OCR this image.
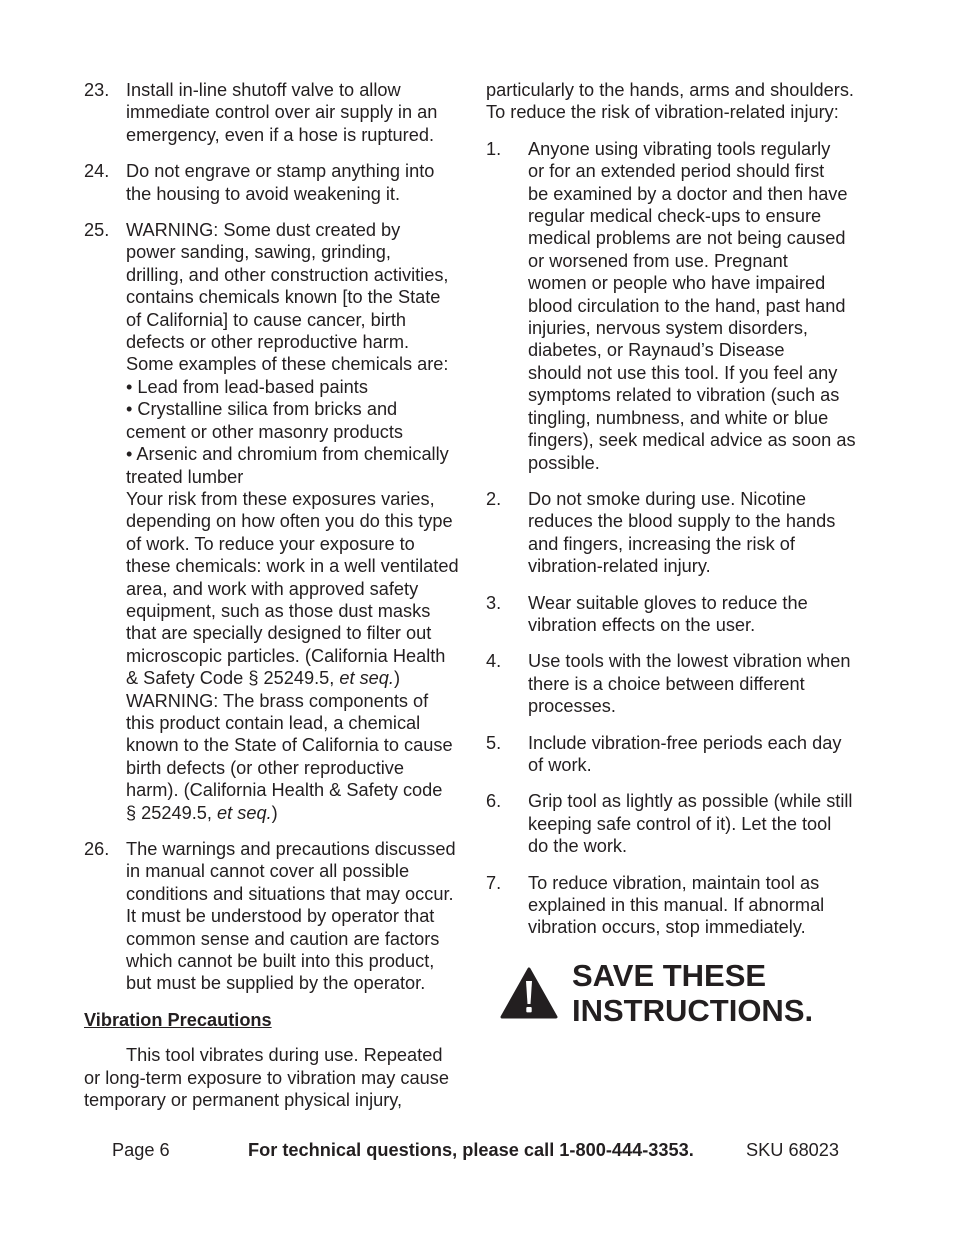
23. Install in-line shutoff valve to allow
immediate control over air supply in an
emergency, even if a hose is ruptured.
24. Do not engrave or stamp anything into
the housing to avoid weakening it.
25. WARNING: Some dust created by
power sanding, sawing, grinding,
drilling, and other construction activities,
contains chemicals known [to the State
of California] to cause cancer, birth
defects or other reproductive harm.
Some examples of these chemicals are:
• Lead from lead-based paints
• Crystalline silica from bricks and
cement or other masonry products
• Arsenic and chromium from chemically
treated lumber
Your risk from these exposures varies,
depending on how often you do this type
of work. To reduce your exposure to
these chemicals: work in a well ventilated
area, and work with approved safety
equipment, such as those dust masks
that are specially designed to filter out
microscopic particles. (California Health
& Safety Code § 25249.5, et seq.)
WARNING: The brass components of
this product contain lead, a chemical
known to the State of California to cause
birth defects (or other reproductive
harm). (California Health & Safety code
§ 25249.5, et seq.)
26. The warnings and precautions discussed
in manual cannot cover all possible
conditions and situations that may occur.
It must be understood by operator that
common sense and caution are factors
which cannot be built into this product,
but must be supplied by the operator.
Vibration Precautions
This tool vibrates during use. Repeated
or long-term exposure to vibration may cause
temporary or permanent physical injury,
particularly to the hands, arms and shoulders.
To reduce the risk of vibration-related injury:
1.	Anyone using vibrating tools regularly
or for an extended period should first
be examined by a doctor and then have
regular medical check-ups to ensure
medical problems are not being caused
or worsened from use. Pregnant
women or people who have impaired
blood circulation to the hand, past hand
injuries, nervous system disorders,
diabetes, or Raynaud’s Disease
should not use this tool. If you feel any
symptoms related to vibration (such as
tingling, numbness, and white or blue
fingers), seek medical advice as soon as
possible.
2.	Do not smoke during use. Nicotine
reduces the blood supply to the hands
and fingers, increasing the risk of
vibration-related injury.
3.	Wear suitable gloves to reduce the
vibration effects on the user.
4.	Use tools with the lowest vibration when
there is a choice between different
processes.
5.	Include vibration-free periods each day
of work.
6.	Grip tool as lightly as possible (while still
keeping safe control of it). Let the tool
do the work.
7.	To reduce vibration, maintain tool as
explained in this manual. If abnormal
vibration occurs, stop immediately.
SAVE THESE
INSTRUCTIONS.
Page 6	For technical questions, please call 1-800-444-3353.	SKU 68023
